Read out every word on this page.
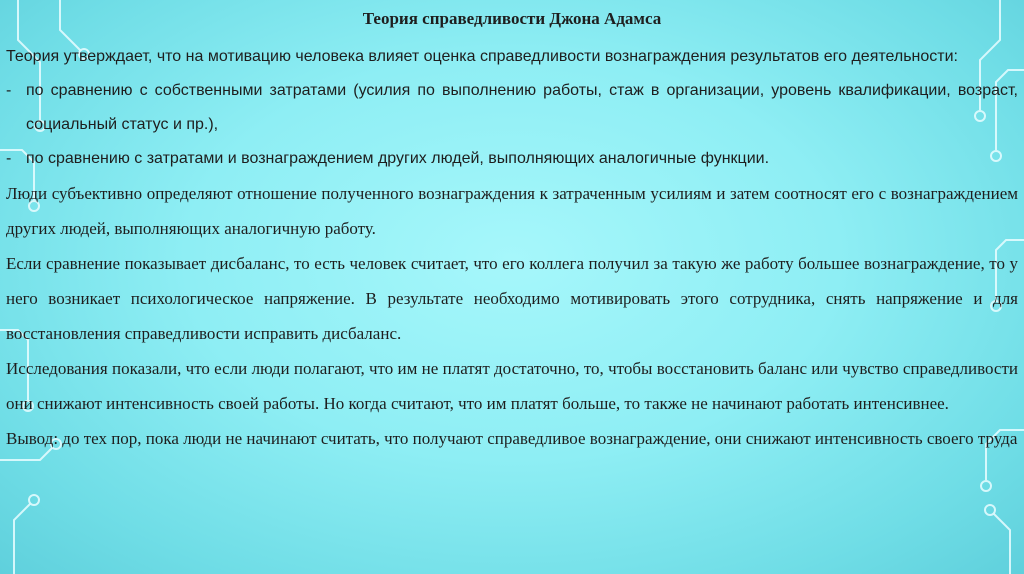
Теория справедливости Джона Адамса

Теория утверждает, что на мотивацию человека влияет оценка справедливости вознаграждения результатов его деятельности:

- по сравнению с собственными затратами (усилия по выполнению работы, стаж в организации, уровень квалификации, возраст, социальный статус и пр.),
- по сравнению с затратами и вознаграждением других людей, выполняющих аналогичные функции.

Люди субъективно определяют отношение полученного вознаграждения к затраченным усилиям и затем соотносят его с вознаграждением других людей, выполняющих аналогичную работу.

Если сравнение показывает дисбаланс, то есть человек считает, что его коллега получил за такую же работу большее вознаграждение, то у него возникает психологическое напряжение. В результате необходимо мотивировать этого сотрудника, снять напряжение и для восстановления справедливости исправить дисбаланс.

Исследования показали, что если люди полагают, что им не платят достаточно, то, чтобы восстановить баланс или чувство справедливости они снижают интенсивность своей работы. Но когда считают, что им платят больше, то также не начинают работать интенсивнее.

Вывод: до тех пор, пока люди не начинают считать, что получают справедливое вознаграждение, они снижают интенсивность своего труда
